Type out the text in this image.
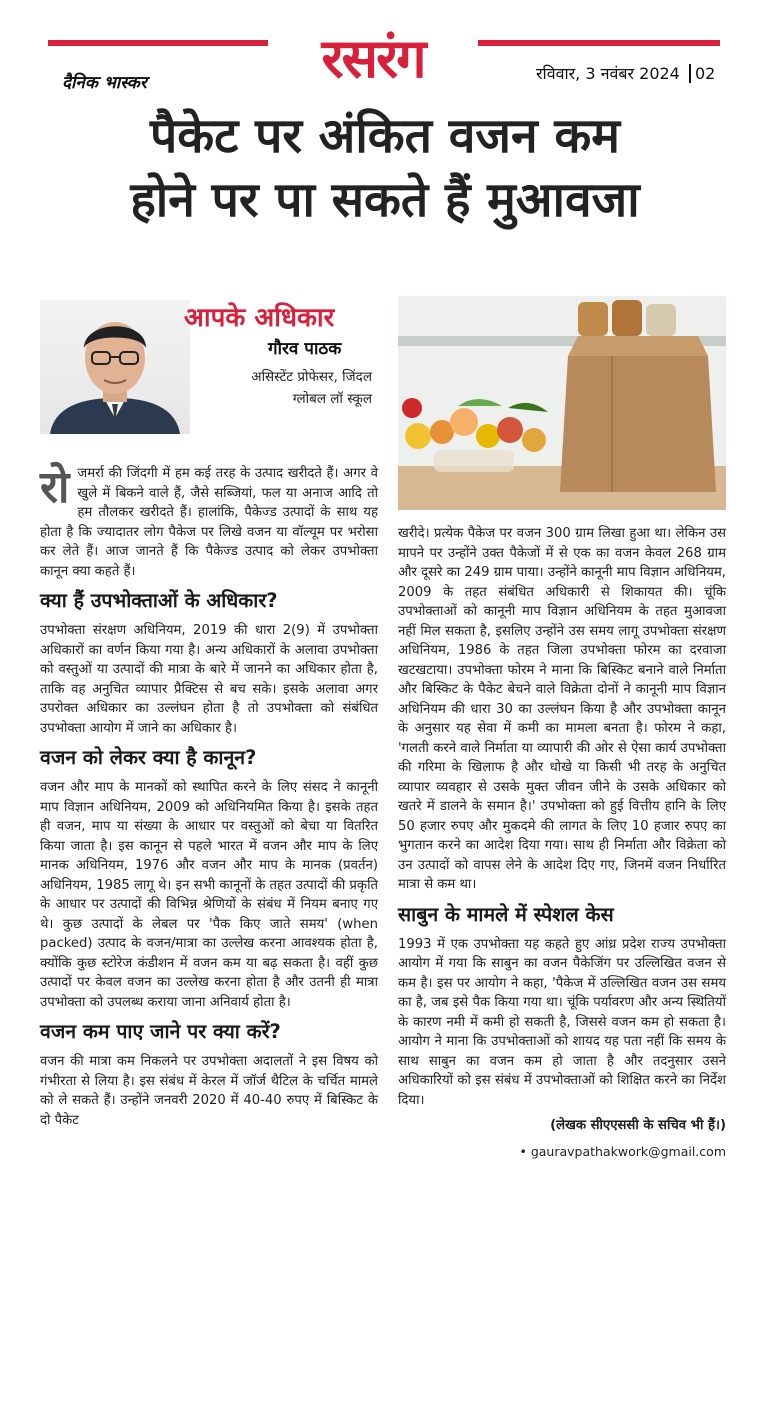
रसरंग
दैनिक भास्कर	रविवार, 3 नवंबर 2024 02
पैकेट पर अंकित वजन कम
होने पर पा सकते हैं मुआवजा
आपके अधिकार
गौरव पाठक
असिस्टेंट प्रोफेसर, जिंदल
ग्लोबल लॉ स्कूल

रोजमर्रा की जिंदगी में हम कई तरह के उत्पाद खरीदते हैं। अगर वे खुले में बिकने वाले हैं, जैसे सब्जियां, फल या अनाज आदि तो हम तौलकर खरीदते हैं। हालांकि, पैकेज्ड उत्पादों के साथ यह होता है कि ज्यादातर लोग पैकेज पर लिखे वजन या वॉल्यूम पर भरोसा कर लेते हैं। आज जानते हैं कि पैकेज्ड उत्पाद को लेकर उपभोक्ता कानून क्या कहते हैं।

क्या हैं उपभोक्ताओं के अधिकार?

उपभोक्ता संरक्षण अधिनियम, 2019 की धारा 2(9) में उपभोक्ता अधिकारों का वर्णन किया गया है। अन्य अधिकारों के अलावा उपभोक्ता को वस्तुओं या उत्पादों की मात्रा के बारे में जानने का अधिकार होता है, ताकि वह अनुचित व्यापार प्रैक्टिस से बच सके। इसके अलावा अगर उपरोक्त अधिकार का उल्लंघन होता है तो उपभोक्ता को संबंधित उपभोक्ता आयोग में जाने का अधिकार है।

वजन को लेकर क्या है कानून?

वजन और माप के मानकों को स्थापित करने के लिए संसद ने कानूनी माप विज्ञान अधिनियम, 2009 को अधिनियमित किया है। इसके तहत ही वजन, माप या संख्या के आधार पर वस्तुओं को बेचा या वितरित किया जाता है। इस कानून से पहले भारत में वजन और माप के लिए मानक अधिनियम, 1976 और वजन और माप के मानक (प्रवर्तन) अधिनियम, 1985 लागू थे। इन सभी कानूनों के तहत उत्पादों की प्रकृति के आधार पर उत्पादों की विभिन्न श्रेणियों के संबंध में नियम बनाए गए थे। कुछ उत्पादों के लेबल पर 'पैक किए जाते समय' (when packed) उत्पाद के वजन/मात्रा का उल्लेख करना आवश्यक होता है, क्योंकि कुछ स्टोरेज कंडीशन में वजन कम या बढ़ सकता है। वहीं कुछ उत्पादों पर केवल वजन का उल्लेख करना होता है और उतनी ही मात्रा उपभोक्ता को उपलब्ध कराया जाना अनिवार्य होता है।

वजन कम पाए जाने पर क्या करें?

वजन की मात्रा कम निकलने पर उपभोक्ता अदालतों ने इस विषय को गंभीरता से लिया है। इस संबंध में केरल में जॉर्ज थैटिल के चर्चित मामले को ले सकते हैं। उन्होंने जनवरी 2020 में 40-40 रुपए में बिस्किट के दो पैकेट

खरीदे। प्रत्येक पैकेज पर वजन 300 ग्राम लिखा हुआ था। लेकिन उस मापने पर उन्होंने उक्त पैकेजों में से एक का वजन केवल 268 ग्राम और दूसरे का 249 ग्राम पाया। उन्होंने कानूनी माप विज्ञान अधिनियम, 2009 के तहत संबंधित अधिकारी से शिकायत की। चूंकि उपभोक्ताओं को कानूनी माप विज्ञान अधिनियम के तहत मुआवजा नहीं मिल सकता है, इसलिए उन्होंने उस समय लागू उपभोक्ता संरक्षण अधिनियम, 1986 के तहत जिला उपभोक्ता फोरम का दरवाजा खटखटाया। उपभोक्ता फोरम ने माना कि बिस्किट बनाने वाले निर्माता और बिस्किट के पैकेट बेचने वाले विक्रेता दोनों ने कानूनी माप विज्ञान अधिनियम की धारा 30 का उल्लंघन किया है और उपभोक्ता कानून के अनुसार यह सेवा में कमी का मामला बनता है। फोरम ने कहा, 'गलती करने वाले निर्माता या व्यापारी की ओर से ऐसा कार्य उपभोक्ता की गरिमा के खिलाफ है और धोखे या किसी भी तरह के अनुचित व्यापार व्यवहार से उसके मुक्त जीवन जीने के उसके अधिकार को खतरे में डालने के समान है।' उपभोक्ता को हुई वित्तीय हानि के लिए 50 हजार रुपए और मुकदमे की लागत के लिए 10 हजार रुपए का भुगतान करने का आदेश दिया गया। साथ ही निर्माता और विक्रेता को उन उत्पादों को वापस लेने के आदेश दिए गए, जिनमें वजन निर्धारित मात्रा से कम था।

साबुन के मामले में स्पेशल केस

1993 में एक उपभोक्ता यह कहते हुए आंध्र प्रदेश राज्य उपभोक्ता आयोग में गया कि साबुन का वजन पैकेजिंग पर उल्लिखित वजन से कम है। इस पर आयोग ने कहा, 'पैकेज में उल्लिखित वजन उस समय का है, जब इसे पैक किया गया था। चूंकि पर्यावरण और अन्य स्थितियों के कारण नमी में कमी हो सकती है, जिससे वजन कम हो सकता है। आयोग ने माना कि उपभोक्ताओं को शायद यह पता नहीं कि समय के साथ साबुन का वजन कम हो जाता है और तदनुसार उसने अधिकारियों को इस संबंध में उपभोक्ताओं को शिक्षित करने का निर्देश दिया।

(लेखक सीएएससी के सचिव भी हैं।)
• gauravpathakwork@gmail.com
